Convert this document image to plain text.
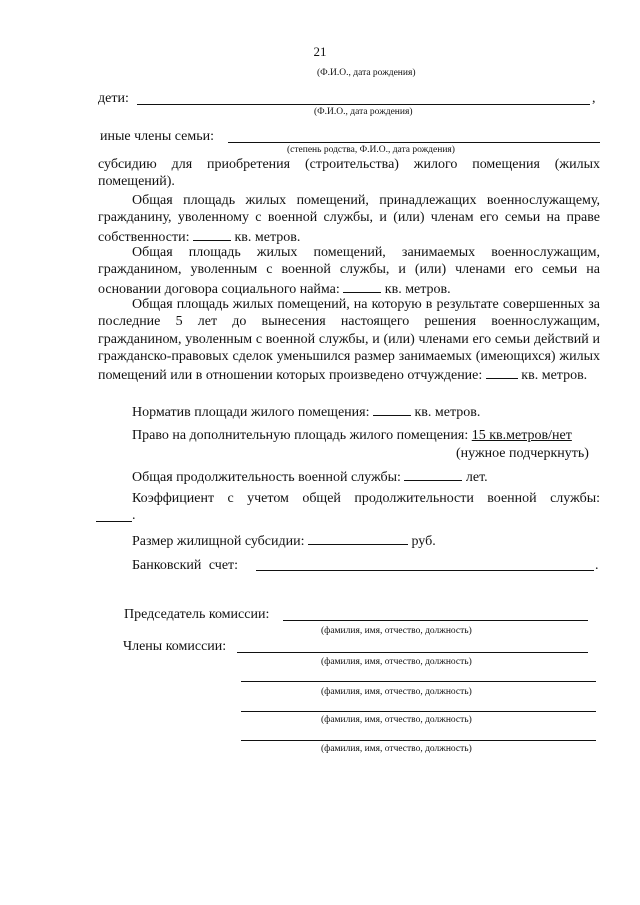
21
(Ф.И.О., дата рождения)
дети:	,
(Ф.И.О., дата рождения)
иные члены семьи:
(степень родства, Ф.И.О., дата рождения)
субсидию для приобретения (строительства) жилого помещения (жилых помещений).
Общая площадь жилых помещений, принадлежащих военнослужащему, гражданину, уволенному с военной службы, и (или) членам его семьи на праве собственности:	кв. метров.
Общая площадь жилых помещений, занимаемых военнослужащим, гражданином, уволенным с военной службы, и (или) членами его семьи на основании договора социального найма:	кв. метров.
Общая площадь жилых помещений, на которую в результате совершенных за последние 5 лет до вынесения настоящего решения военнослужащим, гражданином, уволенным с военной службы, и (или) членами его семьи действий и гражданско-правовых сделок уменьшился размер занимаемых (имеющихся) жилых помещений или в отношении которых произведено отчуждение:	кв. метров.
Норматив площади жилого помещения:	кв. метров.
Право на дополнительную площадь жилого помещения: 15 кв.метров/нет
(нужное подчеркнуть)
Общая продолжительность военной службы:	лет.
Коэффициент с учетом общей продолжительности военной службы:
.
Размер жилищной субсидии:	руб.
Банковский счет:	.
Председатель комиссии:
(фамилия, имя, отчество, должность)
Члены комиссии:
(фамилия, имя, отчество, должность)
(фамилия, имя, отчество, должность)
(фамилия, имя, отчество, должность)
(фамилия, имя, отчество, должность)
